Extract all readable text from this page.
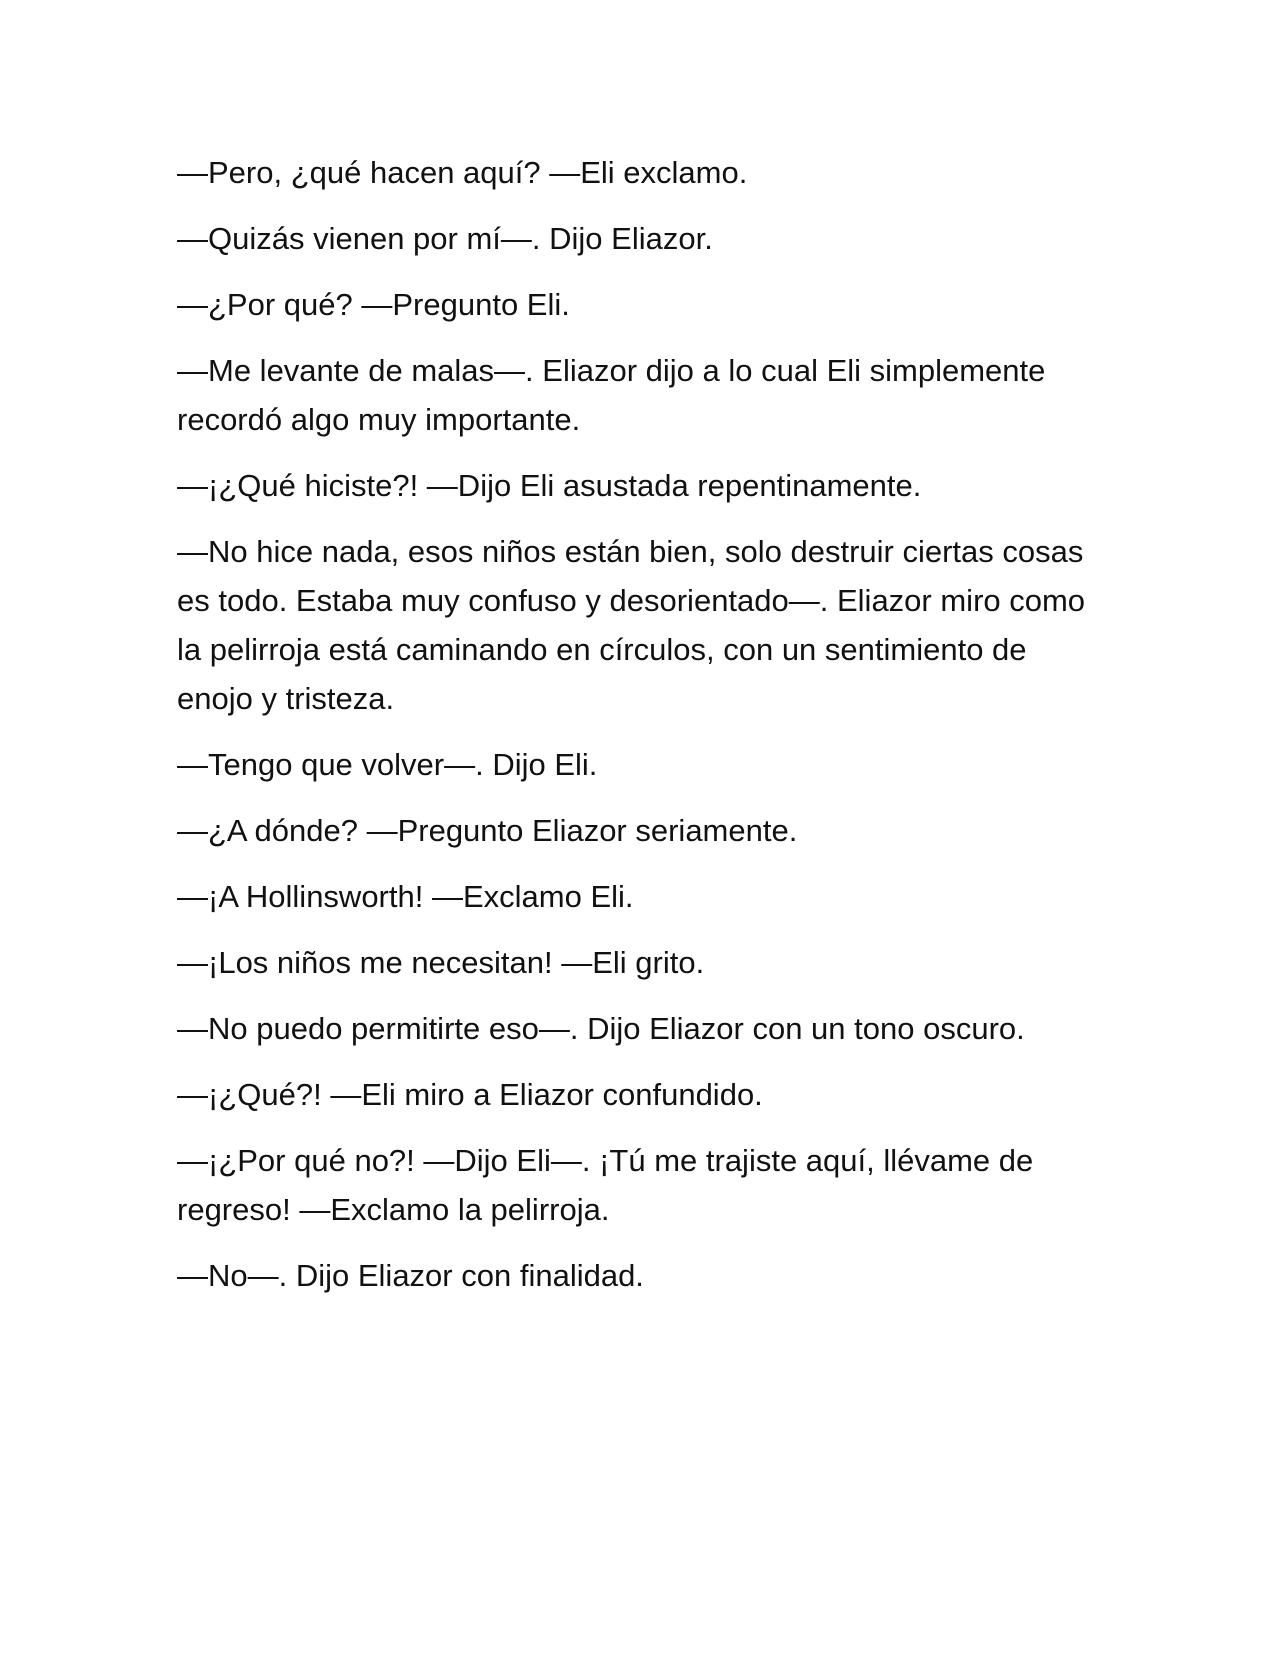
—Pero, ¿qué hacen aquí? —Eli exclamo.

—Quizás vienen por mí—. Dijo Eliazor.

—¿Por qué? —Pregunto Eli.

—Me levante de malas—. Eliazor dijo a lo cual Eli simplemente recordó algo muy importante.

—¡¿Qué hiciste?! —Dijo Eli asustada repentinamente.

—No hice nada, esos niños están bien, solo destruir ciertas cosas es todo. Estaba muy confuso y desorientado—. Eliazor miro como la pelirroja está caminando en círculos, con un sentimiento de enojo y tristeza.

—Tengo que volver—. Dijo Eli.

—¿A dónde? —Pregunto Eliazor seriamente.

—¡A Hollinsworth! —Exclamo Eli.

—¡Los niños me necesitan! —Eli grito.

—No puedo permitirte eso—. Dijo Eliazor con un tono oscuro.

—¡¿Qué?! —Eli miro a Eliazor confundido.

—¡¿Por qué no?! —Dijo Eli—. ¡Tú me trajiste aquí, llévame de regreso! —Exclamo la pelirroja.

—No—. Dijo Eliazor con finalidad.
